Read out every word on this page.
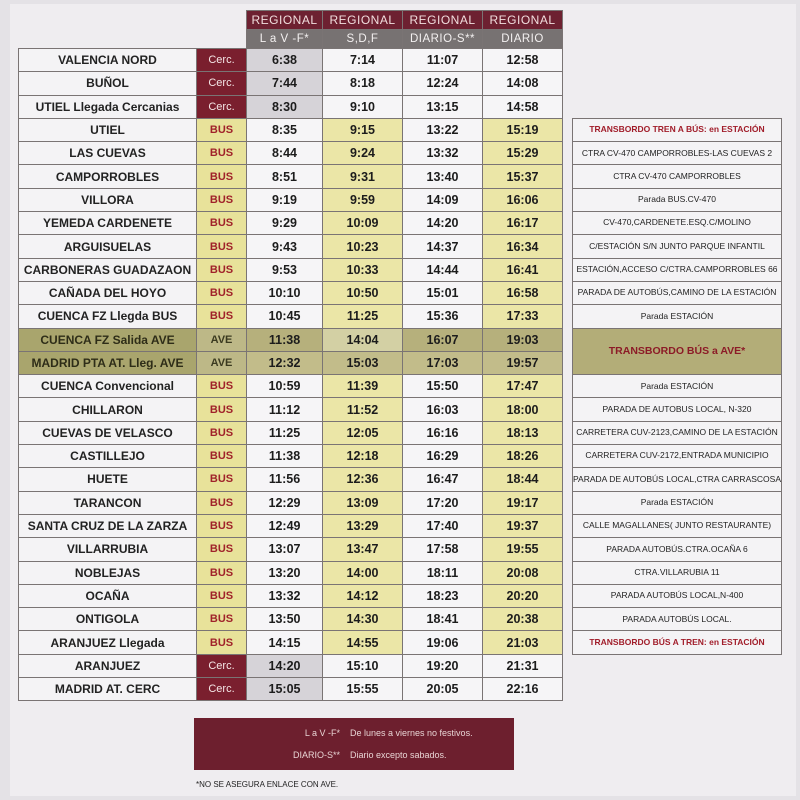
		REGIONAL	REGIONAL	REGIONAL	REGIONAL		
		L a V -F*	S,D,F	DIARIO-S**	DIARIO		
VALENCIA NORD	Cerc.	6:38	7:14	11:07	12:58		
BUÑOL	Cerc.	7:44	8:18	12:24	14:08		
UTIEL Llegada Cercanias	Cerc.	8:30	9:10	13:15	14:58		
UTIEL	BUS	8:35	9:15	13:22	15:19		TRANSBORDO TREN A BÚS: en ESTACIÓN
LAS CUEVAS	BUS	8:44	9:24	13:32	15:29		CTRA CV-470 CAMPORROBLES-LAS CUEVAS 2
CAMPORROBLES	BUS	8:51	9:31	13:40	15:37		CTRA CV-470 CAMPORROBLES
VILLORA	BUS	9:19	9:59	14:09	16:06		Parada BUS.CV-470
YEMEDA CARDENETE	BUS	9:29	10:09	14:20	16:17		CV-470,CARDENETE.ESQ.C/MOLINO
ARGUISUELAS	BUS	9:43	10:23	14:37	16:34		C/ESTACIÓN S/N JUNTO PARQUE INFANTIL
CARBONERAS GUADAZAON	BUS	9:53	10:33	14:44	16:41		ESTACIÓN,ACCESO C/CTRA.CAMPORROBLES 66
CAÑADA DEL HOYO	BUS	10:10	10:50	15:01	16:58		PARADA DE AUTOBÚS,CAMINO DE LA ESTACIÓN
CUENCA FZ Llegda BUS	BUS	10:45	11:25	15:36	17:33		Parada ESTACIÓN
CUENCA FZ Salida AVE	AVE	11:38	14:04	16:07	19:03		TRANSBORDO BÚS a AVE*
MADRID PTA AT. Lleg. AVE	AVE	12:32	15:03	17:03	19:57		
CUENCA Convencional	BUS	10:59	11:39	15:50	17:47		Parada ESTACIÓN
CHILLARON	BUS	11:12	11:52	16:03	18:00		PARADA DE AUTOBUS LOCAL, N-320
CUEVAS DE VELASCO	BUS	11:25	12:05	16:16	18:13		CARRETERA CUV-2123,CAMINO DE LA ESTACIÓN
CASTILLEJO	BUS	11:38	12:18	16:29	18:26		CARRETERA CUV-2172,ENTRADA MUNICIPIO
HUETE	BUS	11:56	12:36	16:47	18:44		PARADA DE AUTOBÚS LOCAL,CTRA CARRASCOSA
TARANCON	BUS	12:29	13:09	17:20	19:17		Parada ESTACIÓN
SANTA CRUZ DE LA ZARZA	BUS	12:49	13:29	17:40	19:37		CALLE MAGALLANES( JUNTO RESTAURANTE)
VILLARRUBIA	BUS	13:07	13:47	17:58	19:55		PARADA AUTOBÚS.CTRA.OCAÑA 6
NOBLEJAS	BUS	13:20	14:00	18:11	20:08		CTRA.VILLARUBIA 11
OCAÑA	BUS	13:32	14:12	18:23	20:20		PARADA AUTOBÚS LOCAL,N-400
ONTIGOLA	BUS	13:50	14:30	18:41	20:38		PARADA AUTOBÚS LOCAL.
ARANJUEZ Llegada	BUS	14:15	14:55	19:06	21:03		TRANSBORDO BÚS A TREN: en ESTACIÓN
ARANJUEZ	Cerc.	14:20	15:10	19:20	21:31		
MADRID AT. CERC	Cerc.	15:05	15:55	20:05	22:16		
L a V -F* De lunes a viernes no festivos.
DIARIO-S** Diario excepto sabados.
*NO SE ASEGURA ENLACE CON AVE.
